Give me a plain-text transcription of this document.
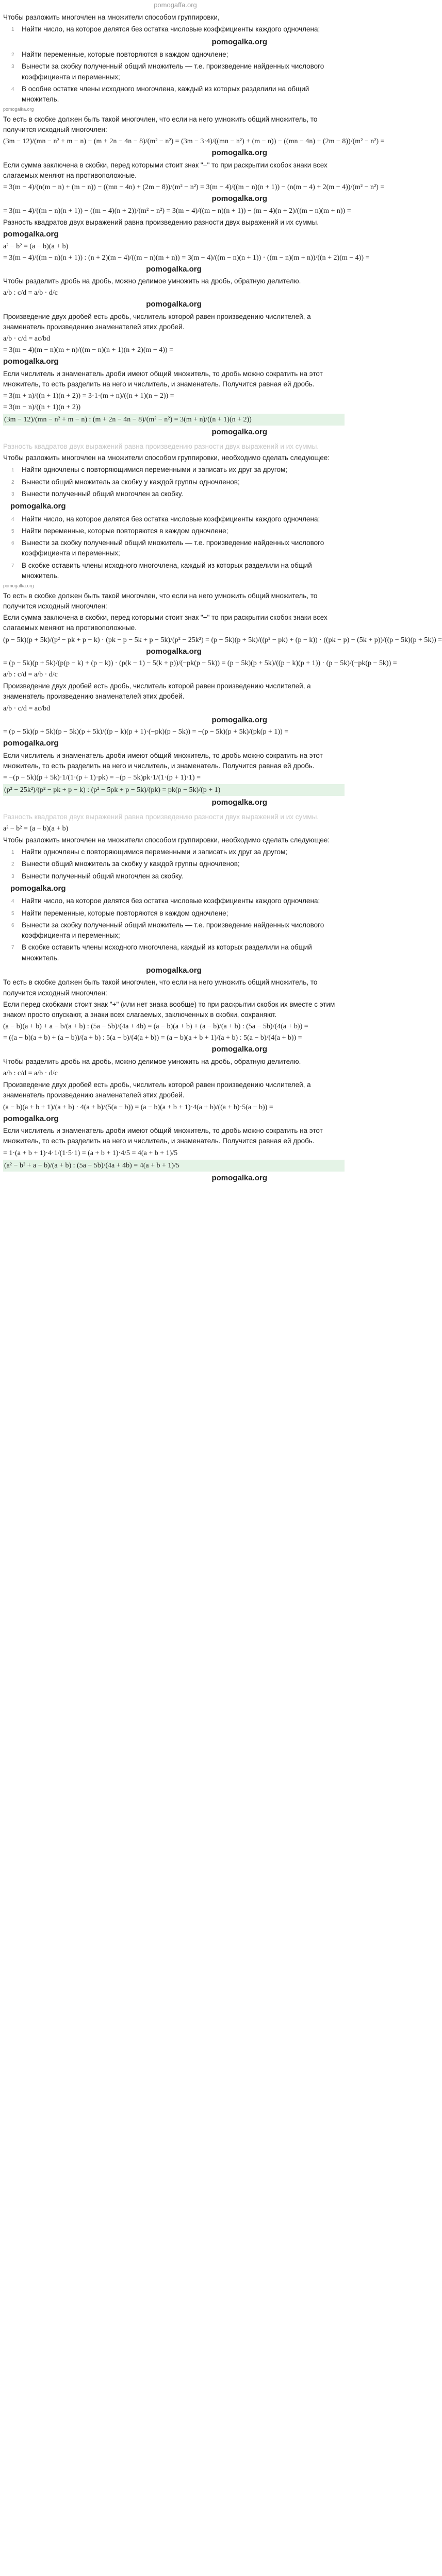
pomogaffa.org
Чтобы разложить многочлен на множители способом группировки,
1 Найти число, на которое делятся без остатка числовые коэффициенты каждого одночлена;
pomogalka.org
2 Найти переменные, которые повторяются в каждом одночлене;
3 Вынести за скобку полученный общий множитель — т.е. произведение найденных числового коэффициента и переменных;
4 В особне остатке члены исходного многочлена, каждый из которых разделили на общий множитель.
pomogalka.org
То есть в скобке должен быть такой многочлен, что если на него умножить общий множитель, то получится исходный многочлен:
(3m − 12)/(mn − n² + m − n) − (m + 2n − 4n − 8)/(m² − n²) = (3m − 3·4)/((mn − n²) + (m − n)) − ((mn − 4n) + (2m − 8))/(m² − n²) =
pomogalka.org
Если сумма заключена в скобки, перед которыми стоит знак "−" то при раскрытии скобок знаки всех слагаемых меняют на противоположные.
= 3(m − 4)/(n(m − n) + (m − n)) − ((mn − 4n) + (2m − 8))/(m² − n²) = 3(m − 4)/((m − n)(n + 1)) − (n(m − 4) + 2(m − 4))/(m² − n²) =
pomogalka.org
= 3(m − 4)/((m − n)(n + 1)) − ((m − 4)(n + 2))/(m² − n²) = 3(m − 4)/((m − n)(n + 1)) − (m − 4)(n + 2)/((m − n)(m + n)) =
Разность квадратов двух выражений равна произведению разности двух выражений и их суммы.
pomogalka.org
a² − b² = (a − b)(a + b)
= 3(m − 4)/((m − n)(n + 1)) : (n + 2)(m − 4)/((m − n)(m + n)) = 3(m − 4)/((m − n)(n + 1)) · ((m − n)(m + n))/((n + 2)(m − 4)) =
pomogalka.org
Чтобы разделить дробь на дробь, можно делимое умножить на дробь, обратную делителю.
a/b : c/d = a/b · d/c
pomogalka.org
Произведение двух дробей есть дробь, числитель которой равен произведению числителей, а знаменатель произведению знаменателей этих дробей.
a/b · c/d = ac/bd
= 3(m − 4)(m − n)(m + n)/((m − n)(n + 1)(n + 2)(m − 4)) =
pomogalka.org
Если числитель и знаменатель дроби имеют общий множитель, то дробь можно сократить на этот множитель, то есть разделить на него и числитель, и знаменатель. Получится равная ей дробь.
= 3(m + n)/((n + 1)(n + 2)) = 3·1·(m + n)/((n + 1)(n + 2)) =
= 3(m − n)/((n + 1)(n + 2))
(3m − 12)/(mn − n² + m − n) : (m + 2n − 4n − 8)/(m² − n²) = 3(m + n)/((n + 1)(n + 2))
pomogalka.org
Разность квадратов двух выражений равна произведению разности двух выражений и их суммы.
Чтобы разложить многочлен на множители способом группировки, необходимо сделать следующее:
1 Найти одночлены с повторяющимися переменными и записать их друг за другом;
2 Вынести общий множитель за скобку у каждой группы одночленов;
3 Вынести полученный общий многочлен за скобку.
pomogalka.org
4 Найти число, на которое делятся без остатка числовые коэффициенты каждого одночлена;
5 Найти переменные, которые повторяются в каждом одночлене;
6 Вынести за скобку полученный общий множитель — т.е. произведение найденных числового коэффициента и переменных;
7 В скобке оставить члены исходного многочлена, каждый из которых разделили на общий множитель.
pomogalka.org
То есть в скобке должен быть такой многочлен, что если на него умножить общий множитель, то получится исходный многочлен:
Если сумма заключена в скобки, перед которыми стоит знак "−" то при раскрытии скобок знаки всех слагаемых меняют на противоположные.
(p − 5k)(p + 5k)/(p² − pk + p − k) · (pk − p − 5k + p − 5k)/(p² − 25k²) = (p − 5k)(p + 5k)/((p² − pk) + (p − k)) · ((pk − p) − (5k + p))/((p − 5k)(p + 5k)) =
pomogalka.org
= (p − 5k)(p + 5k)/(p(p − k) + (p − k)) · (p(k − 1) − 5(k + p))/(−pk(p − 5k)) = (p − 5k)(p + 5k)/((p − k)(p + 1)) · (p − 5k)/(−pk(p − 5k)) =
a/b : c/d = a/b · d/c
Произведение двух дробей есть дробь, числитель которой равен произведению числителей, а знаменатель произведению знаменателей этих дробей.
a/b · c/d = ac/bd
pomogalka.org
= (p − 5k)(p + 5k)(p − 5k)(p + 5k)/((p − k)(p + 1)·(−pk)(p − 5k)) = −(p − 5k)(p + 5k)/(pk(p + 1)) =
pomogalka.org
Если числитель и знаменатель дроби имеют общий множитель, то дробь можно сократить на этот множитель, то есть разделить на него и числитель, и знаменатель. Получится равная ей дробь.
= −(p − 5k)(p + 5k)·1/(1·(p + 1)·pk) = −(p − 5k)pk·1/(1·(p + 1)·1) =
(p² − 25k²)/(p² − pk + p − k) : (p² − 5pk + p − 5k)/(pk) = pk(p − 5k)/(p + 1)
pomogalka.org
Разность квадратов двух выражений равна произведению разности двух выражений и их суммы.
a² − b² = (a − b)(a + b)
Чтобы разложить многочлен на множители способом группировки, необходимо сделать следующее:
1 Найти одночлены с повторяющимися переменными и записать их друг за другом;
2 Вынести общий множитель за скобку у каждой группы одночленов;
3 Вынести полученный общий многочлен за скобку.
pomogalka.org
4 Найти число, на которое делятся без остатка числовые коэффициенты каждого одночлена;
5 Найти переменные, которые повторяются в каждом одночлене;
6 Вынести за скобку полученный общий множитель — т.е. произведение найденных числового коэффициента и переменных;
7 В скобке оставить члены исходного многочлена, каждый из которых разделили на общий множитель.
pomogalka.org
То есть в скобке должен быть такой многочлен, что если на него умножить общий множитель, то получится исходный многочлен:
Если перед скобками стоит знак "+" (или нет знака вообще) то при раскрытии скобок их вместе с этим знаком просто опускают, а знаки всех слагаемых, заключенных в скобки, сохраняют.
(a − b)(a + b) + a − b/(a + b) : (5a − 5b)/(4a + 4b) = (a − b)(a + b) + (a − b)/(a + b) : (5a − 5b)/(4(a + b)) =
= ((a − b)(a + b) + (a − b))/(a + b) : 5(a − b)/(4(a + b)) = (a − b)(a + b + 1)/(a + b) : 5(a − b)/(4(a + b)) =
pomogalka.org
Чтобы разделить дробь на дробь, можно делимое умножить на дробь, обратную делителю.
a/b : c/d = a/b · d/c
Произведение двух дробей есть дробь, числитель которой равен произведению числителей, а знаменатель произведению знаменателей этих дробей.
(a − b)(a + b + 1)/(a + b) · 4(a + b)/(5(a − b)) = (a − b)(a + b + 1)·4(a + b)/((a + b)·5(a − b)) =
pomogalka.org
Если числитель и знаменатель дроби имеют общий множитель, то дробь можно сократить на этот множитель, то есть разделить на него и числитель, и знаменатель. Получится равная ей дробь.
= 1·(a + b + 1)·4·1/(1·5·1) = (a + b + 1)·4/5 = 4(a + b + 1)/5
(a² − b² + a − b)/(a + b) : (5a − 5b)/(4a + 4b) = 4(a + b + 1)/5
pomogalka.org
